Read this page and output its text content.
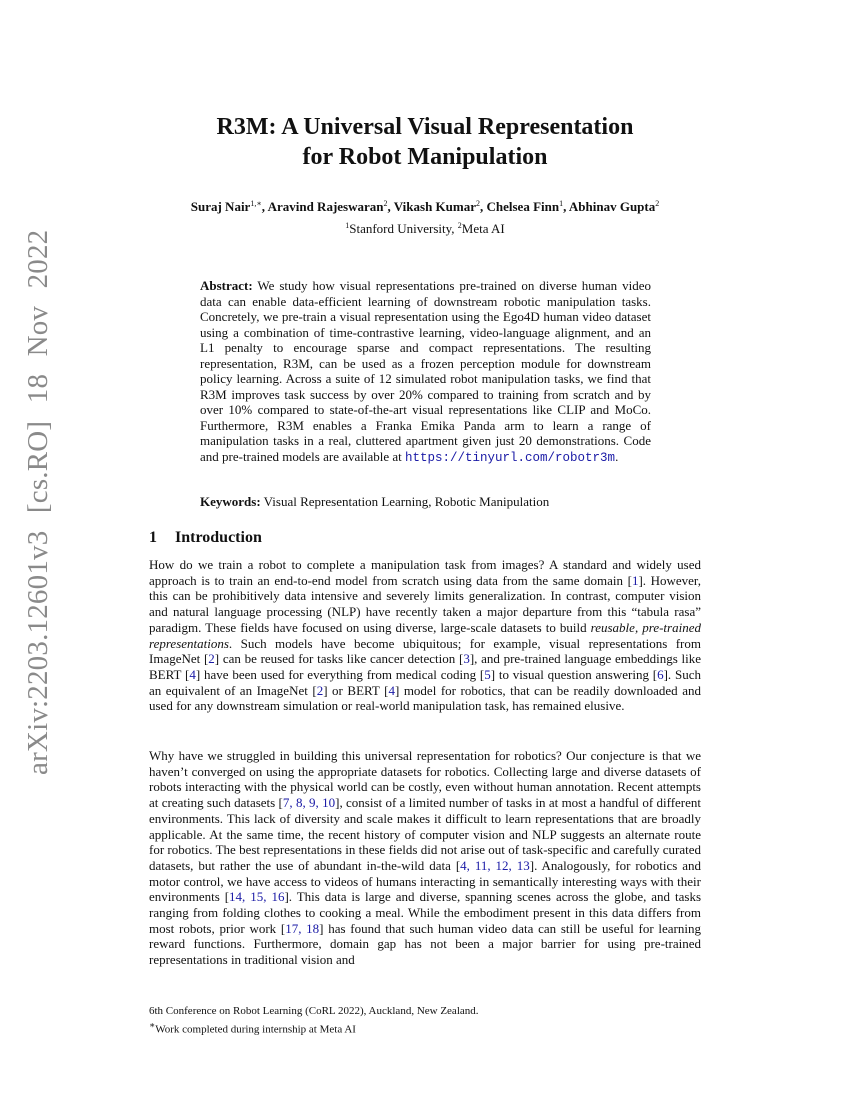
arXiv:2203.12601v3 [cs.RO] 18 Nov 2022
R3M: A Universal Visual Representation
for Robot Manipulation
Suraj Nair$^{1,∗}$, Aravind Rajeswaran$^2$, Vikash Kumar$^2$, Chelsea Finn$^1$, Abhinav Gupta$^2$
$^1$Stanford University, $^2$Meta AI
Abstract: We study how visual representations pre-trained on diverse human video data can enable data-efficient learning of downstream robotic manipulation tasks. Concretely, we pre-train a visual representation using the Ego4D human video dataset using a combination of time-contrastive learning, video-language alignment, and an L1 penalty to encourage sparse and compact representations. The resulting representation, R3M, can be used as a frozen perception module for downstream policy learning. Across a suite of 12 simulated robot manipulation tasks, we find that R3M improves task success by over 20% compared to training from scratch and by over 10% compared to state-of-the-art visual representations like CLIP and MoCo. Furthermore, R3M enables a Franka Emika Panda arm to learn a range of manipulation tasks in a real, cluttered apartment given just 20 demonstrations. Code and pre-trained models are available at https://tinyurl.com/robotr3m.
Keywords: Visual Representation Learning, Robotic Manipulation
1 Introduction
How do we train a robot to complete a manipulation task from images? A standard and widely used approach is to train an end-to-end model from scratch using data from the same domain [1]. However, this can be prohibitively data intensive and severely limits generalization. In contrast, computer vision and natural language processing (NLP) have recently taken a major departure from this “tabula rasa” paradigm. These fields have focused on using diverse, large-scale datasets to build reusable, pre-trained representations. Such models have become ubiquitous; for example, visual representations from ImageNet [2] can be reused for tasks like cancer detection [3], and pre-trained language embeddings like BERT [4] have been used for everything from medical coding [5] to visual question answering [6]. Such an equivalent of an ImageNet [2] or BERT [4] model for robotics, that can be readily downloaded and used for any downstream simulation or real-world manipulation task, has remained elusive.
Why have we struggled in building this universal representation for robotics? Our conjecture is that we haven’t converged on using the appropriate datasets for robotics. Collecting large and diverse datasets of robots interacting with the physical world can be costly, even without human annotation. Recent attempts at creating such datasets [7, 8, 9, 10], consist of a limited number of tasks in at most a handful of different environments. This lack of diversity and scale makes it difficult to learn representations that are broadly applicable. At the same time, the recent history of computer vision and NLP suggests an alternate route for robotics. The best representations in these fields did not arise out of task-specific and carefully curated datasets, but rather the use of abundant in-the-wild data [4, 11, 12, 13]. Analogously, for robotics and motor control, we have access to videos of humans interacting in semantically interesting ways with their environments [14, 15, 16]. This data is large and diverse, spanning scenes across the globe, and tasks ranging from folding clothes to cooking a meal. While the embodiment present in this data differs from most robots, prior work [17, 18] has found that such human video data can still be useful for learning reward functions. Furthermore, domain gap has not been a major barrier for using pre-trained representations in traditional vision and
6th Conference on Robot Learning (CoRL 2022), Auckland, New Zealand.
∗Work completed during internship at Meta AI
